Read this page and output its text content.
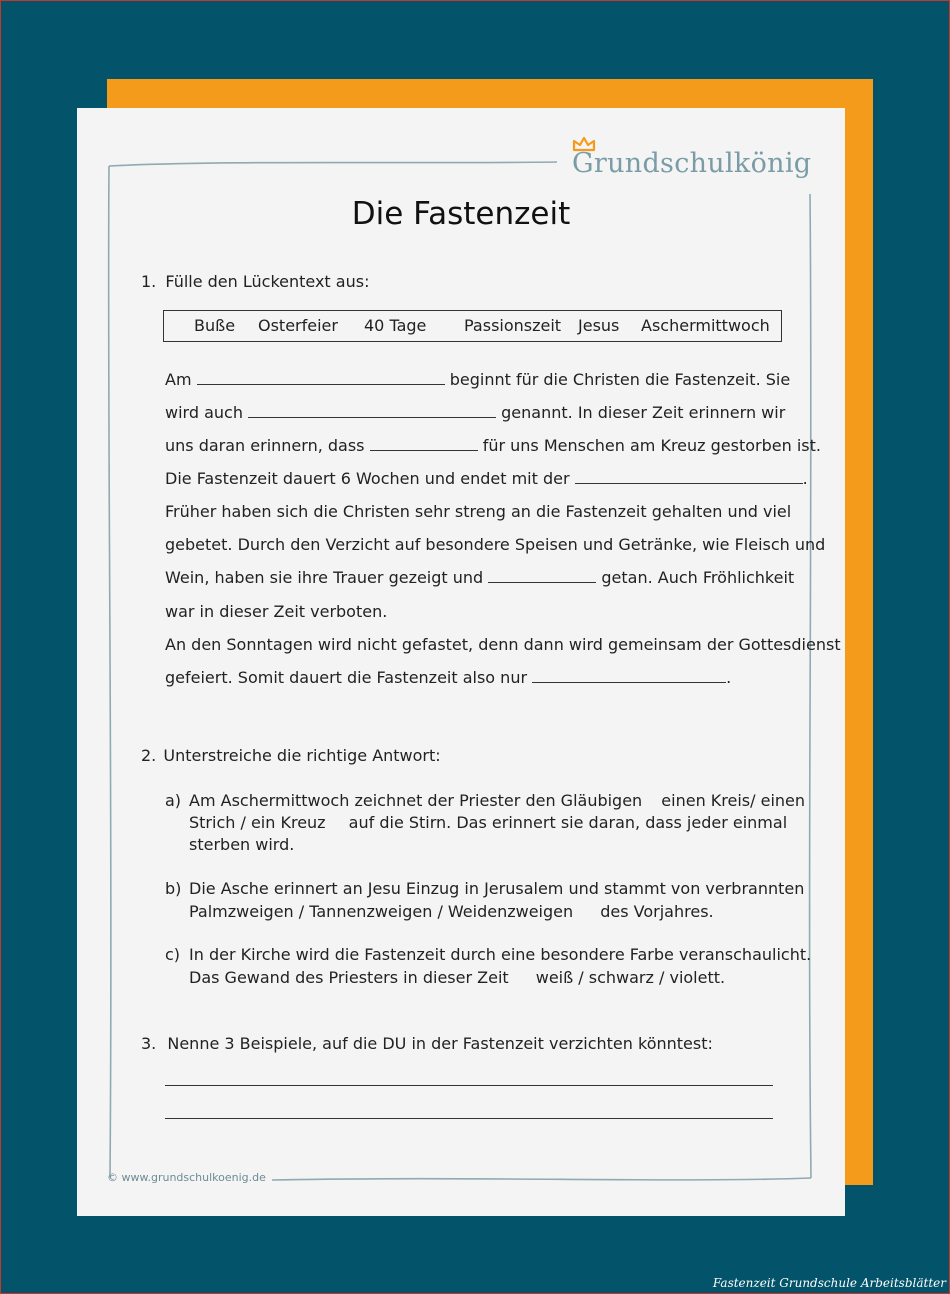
Grundschulkönig
Die Fastenzeit
1. Fülle den Lückentext aus:
Buße Osterfeier 40 Tage Passionszeit Jesus Aschermittwoch
Am	beginnt für die Christen die Fastenzeit. Sie
wird auch	genannt. In dieser Zeit erinnern wir
uns daran erinnern, dass	für uns Menschen am Kreuz gestorben ist.
Die Fastenzeit dauert 6 Wochen und endet mit der	.
Früher haben sich die Christen sehr streng an die Fastenzeit gehalten und viel
gebetet. Durch den Verzicht auf besondere Speisen und Getränke, wie Fleisch und
Wein, haben sie ihre Trauer gezeigt und	getan. Auch Fröhlichkeit
war in dieser Zeit verboten.
An den Sonntagen wird nicht gefastet, denn dann wird gemeinsam der Gottesdienst
gefeiert. Somit dauert die Fastenzeit also nur	.
2. Unterstreiche die richtige Antwort:
a) Am Aschermittwoch zeichnet der Priester den Gläubigen einen Kreis/ einen
Strich / ein Kreuz auf die Stirn. Das erinnert sie daran, dass jeder einmal
sterben wird.
b) Die Asche erinnert an Jesu Einzug in Jerusalem und stammt von verbrannten
Palmzweigen / Tannenzweigen / Weidenzweigen des Vorjahres.
c) In der Kirche wird die Fastenzeit durch eine besondere Farbe veranschaulicht.
Das Gewand des Priesters in dieser Zeit weiß / schwarz / violett.
3. Nenne 3 Beispiele, auf die DU in der Fastenzeit verzichten könntest:
© www.grundschulkoenig.de
Fastenzeit Grundschule Arbeitsblätter
